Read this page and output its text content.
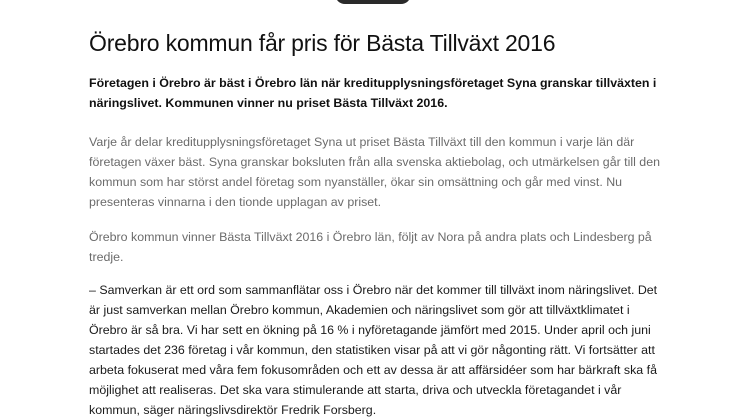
Örebro kommun får pris för Bästa Tillväxt 2016

Företagen i Örebro är bäst i Örebro län när kreditupplysningsföretaget Syna granskar tillväxten i näringslivet. Kommunen vinner nu priset Bästa Tillväxt 2016.

Varje år delar kreditupplysningsföretaget Syna ut priset Bästa Tillväxt till den kommun i varje län där företagen växer bäst. Syna granskar boksluten från alla svenska aktiebolag, och utmärkelsen går till den kommun som har störst andel företag som nyanställer, ökar sin omsättning och går med vinst. Nu presenteras vinnarna i den tionde upplagan av priset.

Örebro kommun vinner Bästa Tillväxt 2016 i Örebro län, följt av Nora på andra plats och Lindesberg på tredje.

– Samverkan är ett ord som sammanflätar oss i Örebro när det kommer till tillväxt inom näringslivet. Det är just samverkan mellan Örebro kommun, Akademien och näringslivet som gör att tillväxtklimatet i Örebro är så bra. Vi har sett en ökning på 16 % i nyföretagande jämfört med 2015. Under april och juni startades det 236 företag i vår kommun, den statistiken visar på att vi gör någonting rätt. Vi fortsätter att arbeta fokuserat med våra fem fokusområden och ett av dessa är att affärsidéer som har bärkraft ska få möjlighet att realiseras. Det ska vara stimulerande att starta, driva och utveckla företagandet i vår kommun, säger näringslivsdirektör Fredrik Forsberg.
